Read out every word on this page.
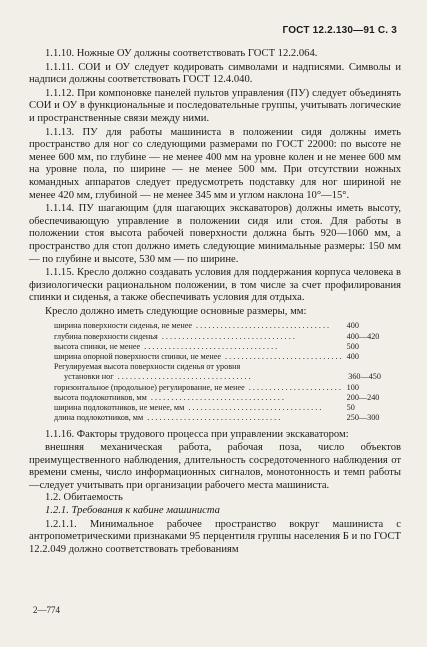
ГОСТ 12.2.130—91 С. 3

1.1.10. Ножные ОУ должны соответствовать ГОСТ 12.2.064.

1.1.11. СОИ и ОУ следует кодировать символами и надписями. Символы и надписи должны соответствовать ГОСТ 12.4.040.

1.1.12. При компоновке панелей пультов управления (ПУ) следует объединять СОИ и ОУ в функциональные и последовательные группы, учитывать логические и пространственные связи между ними.

1.1.13. ПУ для работы машиниста в положении сидя должны иметь пространство для ног со следующими размерами по ГОСТ 22000: по высоте не менее 600 мм, по глубине — не менее 400 мм на уровне колен и не менее 600 мм на уровне пола, по ширине — не менее 500 мм. При отсутствии ножных командных аппаратов следует предусмотреть подставку для ног шириной не менее 420 мм, глубиной — не менее 345 мм и углом наклона 10°—15°.

1.1.14. ПУ шагающим (для шагающих экскаваторов) должны иметь высоту, обеспечивающую управление в положении сидя или стоя. Для работы в положении стоя высота рабочей поверхности должна быть 920—1060 мм, а пространство для стоп должно иметь следующие минимальные размеры: 150 мм — по глубине и высоте, 530 мм — по ширине.

1.1.15. Кресло должно создавать условия для поддержания корпуса человека в физиологически рациональном положении, в том числе за счет профилирования спинки и сиденья, а также обеспечивать условия для отдыха.

Кресло должно иметь следующие основные размеры, мм:

ширина поверхности сиденья, не менее . . .	400
глубина поверхности сиденья . . .	400—420
высота спинки, не менее . . .	500
ширина опорной поверхности спинки, не менее . . .	400
Регулируемая высота поверхности сиденья от уровня
установки ног . . .	360—450
горизонтальное (продольное) регулирование, не менее . . .	100
высота подлокотников, мм . . .	200—240
ширина подлокотников, не менее, мм . . .	50
длина подлокотников, мм . . .	250—300

1.1.16. Факторы трудового процесса при управлении экскаватором:

внешняя механическая работа, рабочая поза, число объектов преимущественного наблюдения, длительность сосредоточенного наблюдения от времени смены, число информационных сигналов, монотонность и темп работы—следует учитывать при организации рабочего места машиниста.

1.2. Обитаемость

1.2.1. Требования к кабине машиниста

1.2.1.1. Минимальное рабочее пространство вокруг машиниста с антропометрическими признаками 95 перцентиля группы населения Б и по ГОСТ 12.2.049 должно соответствовать требованиям

2—774
